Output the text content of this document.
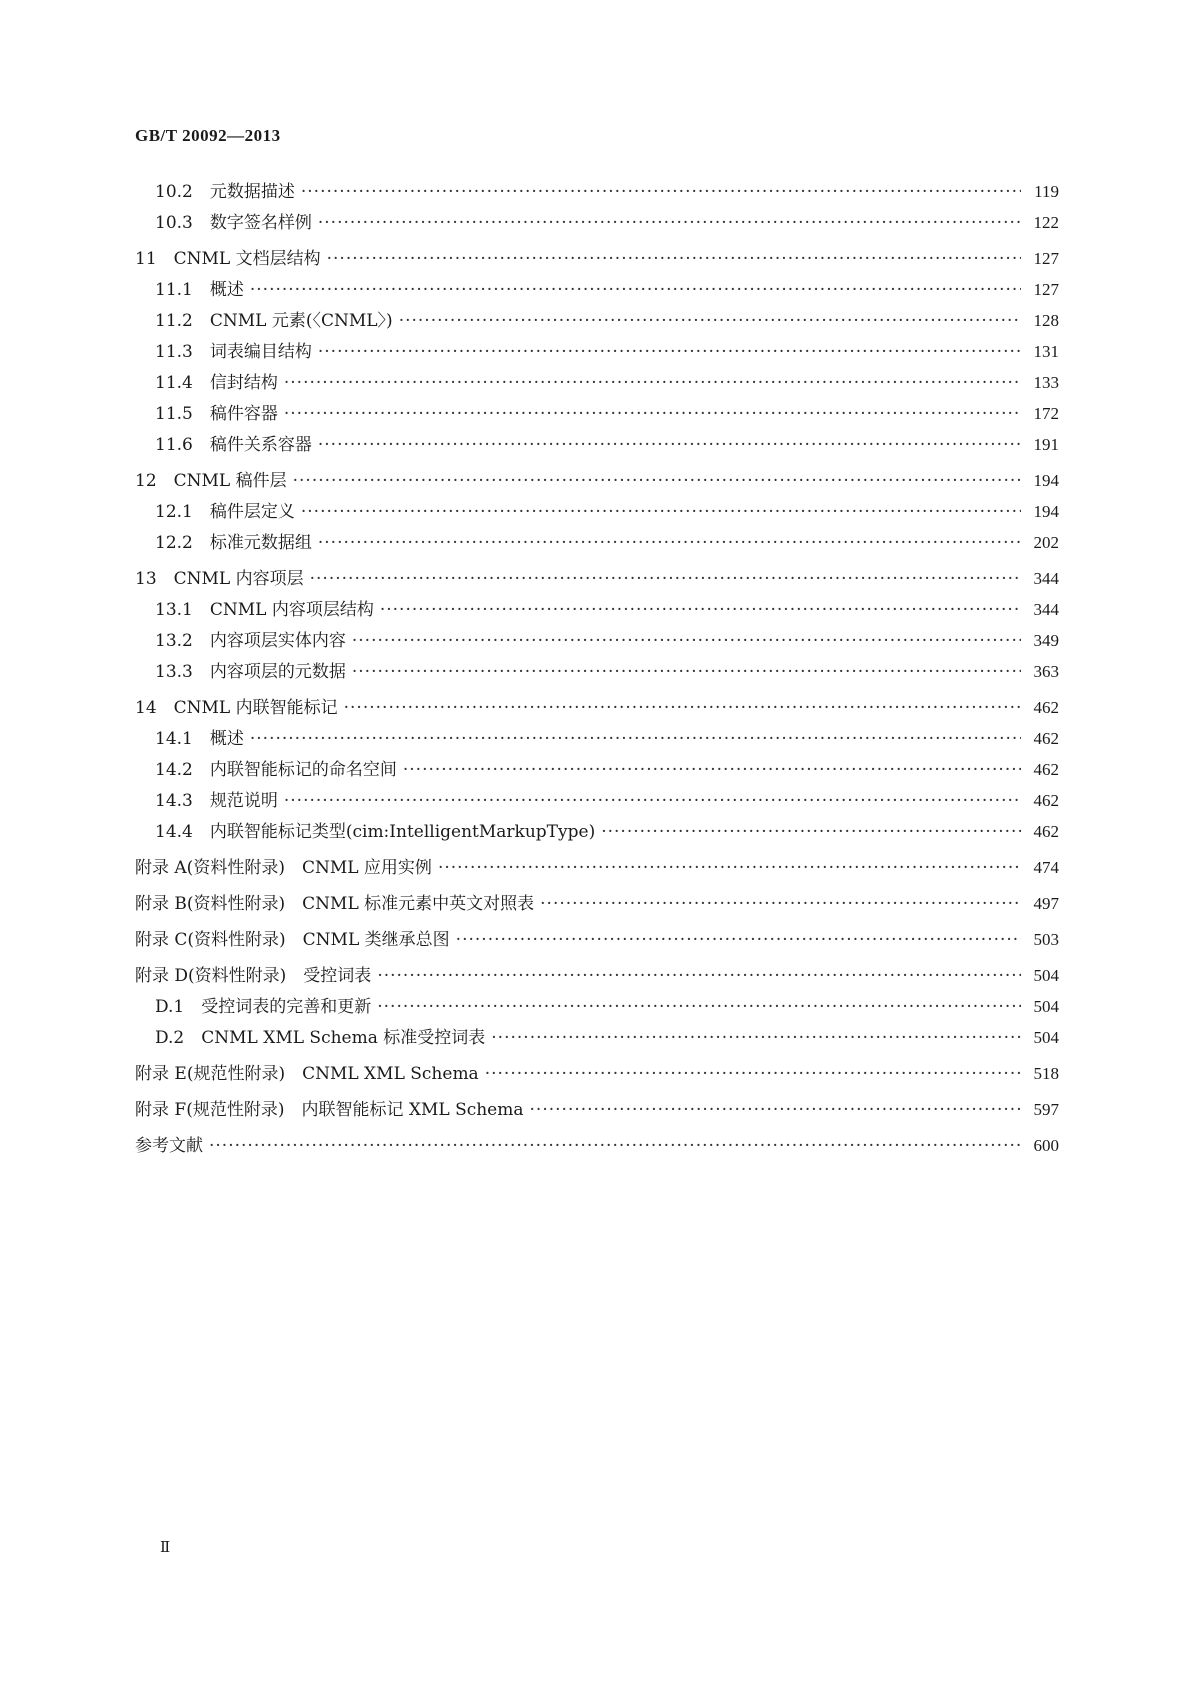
GB/T 20092—2013
10.2　元数据描述 ·····	119
10.3　数字签名样例 ·····	122
11　CNML 文档层结构 ·····	127
11.1　概述 ·····	127
11.2　CNML 元素(〈CNML〉) ·····	128
11.3　词表编目结构 ·····	131
11.4　信封结构 ·····	133
11.5　稿件容器 ·····	172
11.6　稿件关系容器 ·····	191
12　CNML 稿件层 ·····	194
12.1　稿件层定义 ·····	194
12.2　标准元数据组 ·····	202
13　CNML 内容项层 ·····	344
13.1　CNML 内容项层结构 ·····	344
13.2　内容项层实体内容 ·····	349
13.3　内容项层的元数据 ·····	363
14　CNML 内联智能标记 ·····	462
14.1　概述 ·····	462
14.2　内联智能标记的命名空间 ·····	462
14.3　规范说明 ·····	462
14.4　内联智能标记类型(cim:IntelligentMarkupType) ·····	462
附录 A(资料性附录)　CNML 应用实例 ·····	474
附录 B(资料性附录)　CNML 标准元素中英文对照表 ·····	497
附录 C(资料性附录)　CNML 类继承总图 ·····	503
附录 D(资料性附录)　受控词表 ·····	504
D.1　受控词表的完善和更新 ·····	504
D.2　CNML XML Schema 标准受控词表 ·····	504
附录 E(规范性附录)　CNML XML Schema ·····	518
附录 F(规范性附录)　内联智能标记 XML Schema ·····	597
参考文献 ·····	600
Ⅱ
